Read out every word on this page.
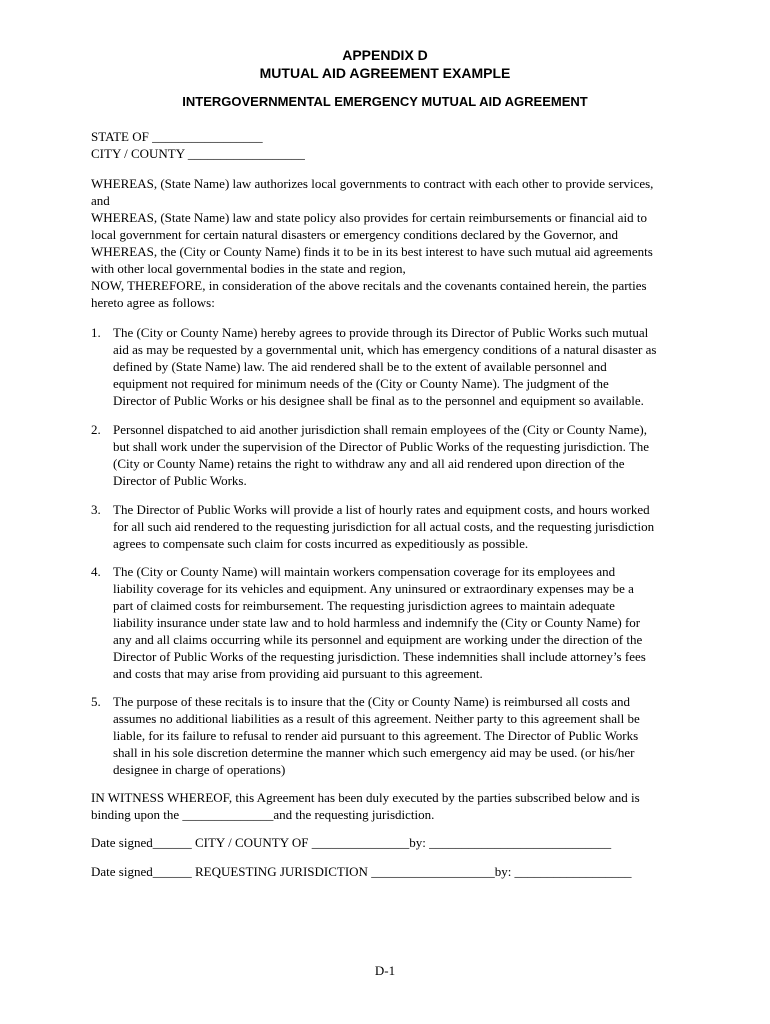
APPENDIX D
MUTUAL AID AGREEMENT EXAMPLE
INTERGOVERNMENTAL EMERGENCY MUTUAL AID AGREEMENT
STATE OF _________________
CITY / COUNTY __________________
WHEREAS, (State Name) law authorizes local governments to contract with each other to provide services,
and
WHEREAS, (State Name) law and state policy also provides for certain reimbursements or financial aid to
local government for certain natural disasters or emergency conditions declared by the Governor, and
WHEREAS, the (City or County Name) finds it to be in its best interest to have such mutual aid agreements
with other local governmental bodies in the state and region,
NOW, THEREFORE, in consideration of the above recitals and the covenants contained herein, the parties
hereto agree as follows:
1. The (City or County Name) hereby agrees to provide through its Director of Public Works such mutual
aid as may be requested by a governmental unit, which has emergency conditions of a natural disaster as
defined by (State Name) law. The aid rendered shall be to the extent of available personnel and
equipment not required for minimum needs of the (City or County Name). The judgment of the
Director of Public Works or his designee shall be final as to the personnel and equipment so available.
2. Personnel dispatched to aid another jurisdiction shall remain employees of the (City or County Name),
but shall work under the supervision of the Director of Public Works of the requesting jurisdiction. The
(City or County Name) retains the right to withdraw any and all aid rendered upon direction of the
Director of Public Works.
3. The Director of Public Works will provide a list of hourly rates and equipment costs, and hours worked
for all such aid rendered to the requesting jurisdiction for all actual costs, and the requesting jurisdiction
agrees to compensate such claim for costs incurred as expeditiously as possible.
4. The (City or County Name) will maintain workers compensation coverage for its employees and
liability coverage for its vehicles and equipment. Any uninsured or extraordinary expenses may be a
part of claimed costs for reimbursement. The requesting jurisdiction agrees to maintain adequate
liability insurance under state law and to hold harmless and indemnify the (City or County Name) for
any and all claims occurring while its personnel and equipment are working under the direction of the
Director of Public Works of the requesting jurisdiction. These indemnities shall include attorney’s fees
and costs that may arise from providing aid pursuant to this agreement.
5. The purpose of these recitals is to insure that the (City or County Name) is reimbursed all costs and
assumes no additional liabilities as a result of this agreement. Neither party to this agreement shall be
liable, for its failure to refusal to render aid pursuant to this agreement. The Director of Public Works
shall in his sole discretion determine the manner which such emergency aid may be used. (or his/her
designee in charge of operations)
IN WITNESS WHEREOF, this Agreement has been duly executed by the parties subscribed below and is
binding upon the ______________and the requesting jurisdiction.
Date signed______ CITY / COUNTY OF _______________by: ____________________________
Date signed______ REQUESTING JURISDICTION ___________________by: __________________
D-1
